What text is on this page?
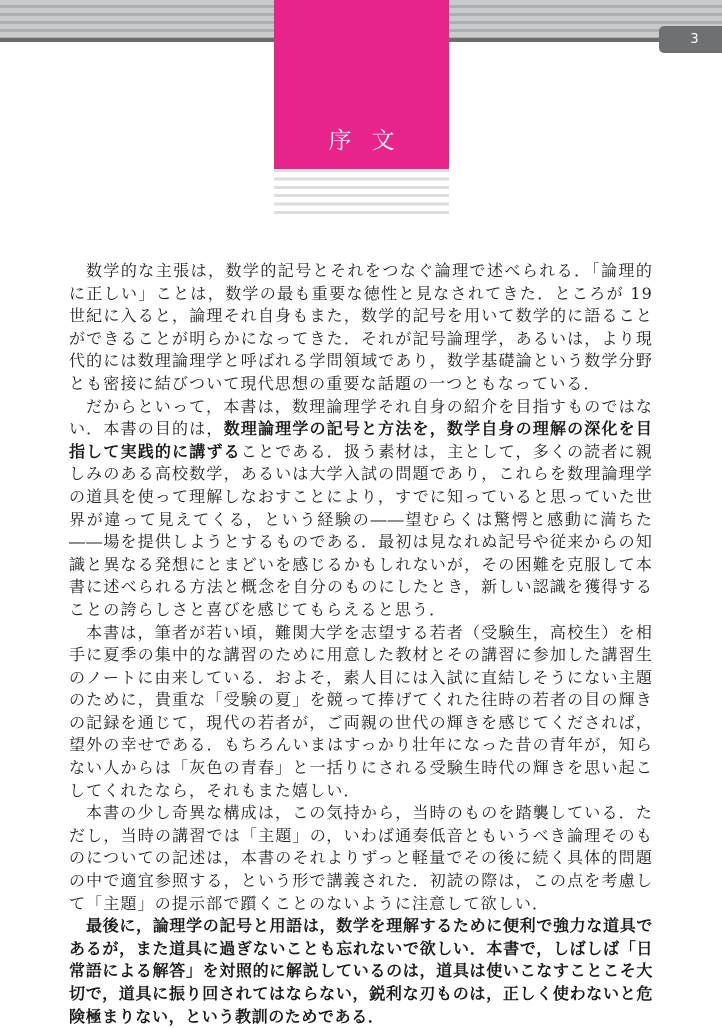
3
序文

数学的な主張は，数学的記号とそれをつなぐ論理で述べられる．「論理的に正しい」ことは，数学の最も重要な徳性と見なされてきた．ところが 19 世紀に入ると，論理それ自身もまた，数学的記号を用いて数学的に語ることができることが明らかになってきた．それが記号論理学，あるいは，より現代的には数理論理学と呼ばれる学問領域であり，数学基礎論という数学分野とも密接に結びついて現代思想の重要な話題の一つともなっている．

だからといって，本書は，数理論理学それ自身の紹介を目指すものではない．本書の目的は，数理論理学の記号と方法を，数学自身の理解の深化を目指して実践的に講ずることである．扱う素材は，主として，多くの読者に親しみのある高校数学，あるいは大学入試の問題であり，これらを数理論理学の道具を使って理解しなおすことにより，すでに知っていると思っていた世界が違って見えてくる，という経験の――望むらくは驚愕と感動に満ちた――場を提供しようとするものである．最初は見なれぬ記号や従来からの知識と異なる発想にとまどいを感じるかもしれないが，その困難を克服して本書に述べられる方法と概念を自分のものにしたとき，新しい認識を獲得することの誇らしさと喜びを感じてもらえると思う．

本書は，筆者が若い頃，難関大学を志望する若者（受験生，高校生）を相手に夏季の集中的な講習のために用意した教材とその講習に参加した講習生のノートに由来している．およそ，素人目には入試に直結しそうにない主題のために，貴重な「受験の夏」を競って捧げてくれた往時の若者の目の輝きの記録を通じて，現代の若者が，ご両親の世代の輝きを感じてくだされば，望外の幸せである．もちろんいまはすっかり壮年になった昔の青年が，知らない人からは「灰色の青春」と一括りにされる受験生時代の輝きを思い起こしてくれたなら，それもまた嬉しい．

本書の少し奇異な構成は，この気持から，当時のものを踏襲している．ただし，当時の講習では「主題」の，いわば通奏低音ともいうべき論理そのものについての記述は，本書のそれよりずっと軽量でその後に続く具体的問題の中で適宜参照する，という形で講義された．初読の際は，この点を考慮して「主題」の提示部で躓くことのないように注意して欲しい．

最後に，論理学の記号と用語は，数学を理解するために便利で強力な道具であるが，また道具に過ぎないことも忘れないで欲しい．本書で，しばしば「日常語による解答」を対照的に解説しているのは，道具は使いこなすことこそ大切で，道具に振り回されてはならない，鋭利な刃ものは，正しく使わないと危険極まりない，という教訓のためである．
